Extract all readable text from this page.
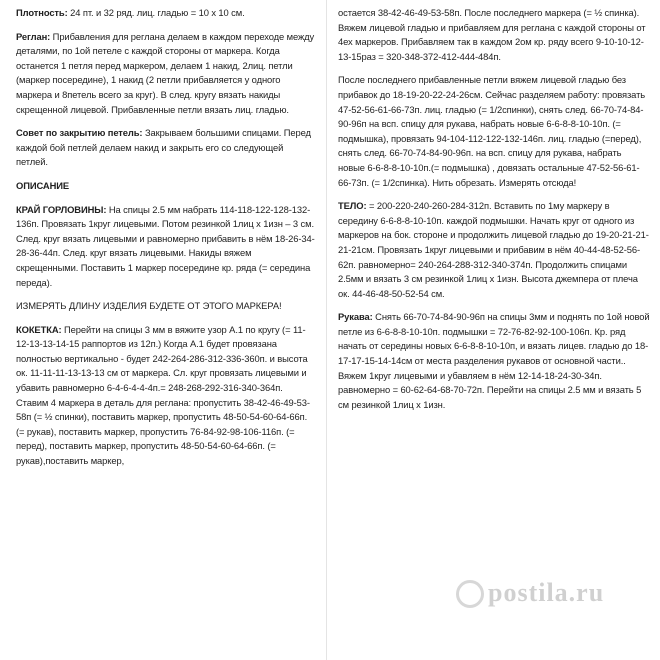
Плотность: 24 пт. и 32 ряд. лиц. гладью = 10 х 10 см.

Реглан: Прибавления для реглана делаем в каждом переходе между деталями, по 1ой петеле с каждой стороны от маркера. Когда останется 1 петля перед маркером, делаем 1 накид, 2лиц. петли (маркер посередине), 1 накид (2 петли прибавляется у одного маркера и 8петель всего за круг). В след. кругу вязать накиды скрещенной лицевой. Прибавленные петли вязать лиц. гладью.

Совет по закрытию петель: Закрываем большими спицами. Перед каждой бой петлей делаем накид и закрыть его со следующей петлей.

ОПИСАНИЕ

КРАЙ ГОРЛОВИНЫ: На спицы 2.5 мм набрать 114-118-122-128-132-136п. Провязать 1круг лицевыми. Потом резинкой 1лиц х 1изн – 3 см. След. круг вязать лицевыми и равномерно прибавить в нём 18-26-34-28-36-44п. След. круг вязать лицевыми. Накиды вяжем скрещенными. Поставить 1 маркер посередине кр. ряда (= середина переда).

ИЗМЕРЯТЬ ДЛИНУ ИЗДЕЛИЯ БУДЕТЕ ОТ ЭТОГО МАРКЕРА!

КОКЕТКА: Перейти на спицы 3 мм в вяжите узор А.1 по кругу (= 11-12-13-13-14-15 раппортов из 12п.) Когда А.1 будет провязана полностью вертикально - будет 242-264-286-312-336-360п. и высота ок. 11-11-11-13-13-13 см от маркера. Сл. круг провязать лицевыми и убавить равномерно 6-4-6-4-4-4п.= 248-268-292-316-340-364п. Ставим 4 маркера в деталь для реглана: пропустить 38-42-46-49-53-58п (= ½ спинки), поставить маркер, пропустить 48-50-54-60-64-66п. (= рукав), поставить маркер, пропустить 76-84-92-98-106-116п. (= перед), поставить маркер, пропустить 48-50-54-60-64-66п. (= рукав),поставить маркер,

остается 38-42-46-49-53-58п. После последнего маркера (= ½ спинка). Вяжем лицевой гладью и прибавляем для реглана с каждой стороны от 4ех маркеров. Прибавляем так в каждом 2ом кр. ряду всего 9-10-10-12-13-15раз = 320-348-372-412-444-484п.

После последнего прибавленные петли вяжем лицевой гладью без прибавок до 18-19-20-22-24-26см. Сейчас разделяем работу: провязать 47-52-56-61-66-73п. лиц. гладью (= 1/2спинки), снять след. 66-70-74-84-90-96п на всп. спицу для рукава, набрать новые 6-6-8-8-10-10п. (= подмышка), провязать 94-104-112-122-132-146п. лиц. гладью (=перед), снять след. 66-70-74-84-90-96п. на всп. спицу для рукава, набрать новые 6-6-8-8-10-10п.(= подмышка) , довязать остальные 47-52-56-61-66-73п. (= 1/2спинка). Нить обрезать. Измерять отсюда!

ТЕЛО: = 200-220-240-260-284-312п. Вставить по 1му маркеру в середину 6-6-8-8-10-10п. каждой подмышки. Начать круг от одного из маркеров на бок. стороне и продолжить лицевой гладью до 19-20-21-21-21-21см. Провязать 1круг лицевыми и прибавим в нём 40-44-48-52-56-62п. равномерно= 240-264-288-312-340-374п. Продолжить спицами 2.5мм и вязать 3 см резинкой 1лиц х 1изн. Высота джемпера от плеча ок. 44-46-48-50-52-54 см.

Рукава: Снять 66-70-74-84-90-96п на спицы 3мм и поднять по 1ой новой петле из 6-6-8-8-10-10п. подмышки = 72-76-82-92-100-106п. Кр. ряд начать от середины новых 6-6-8-8-10-10п, и вязать лицев. гладью до 18-17-17-15-14-14см от места разделения рукавов от основной части.. Вяжем 1круг лицевыми и убавляем в нём 12-14-18-24-30-34п. равномерно = 60-62-64-68-70-72п. Перейти на спицы 2.5 мм и вязать 5 см резинкой 1лиц х 1изн.

postila.ru
